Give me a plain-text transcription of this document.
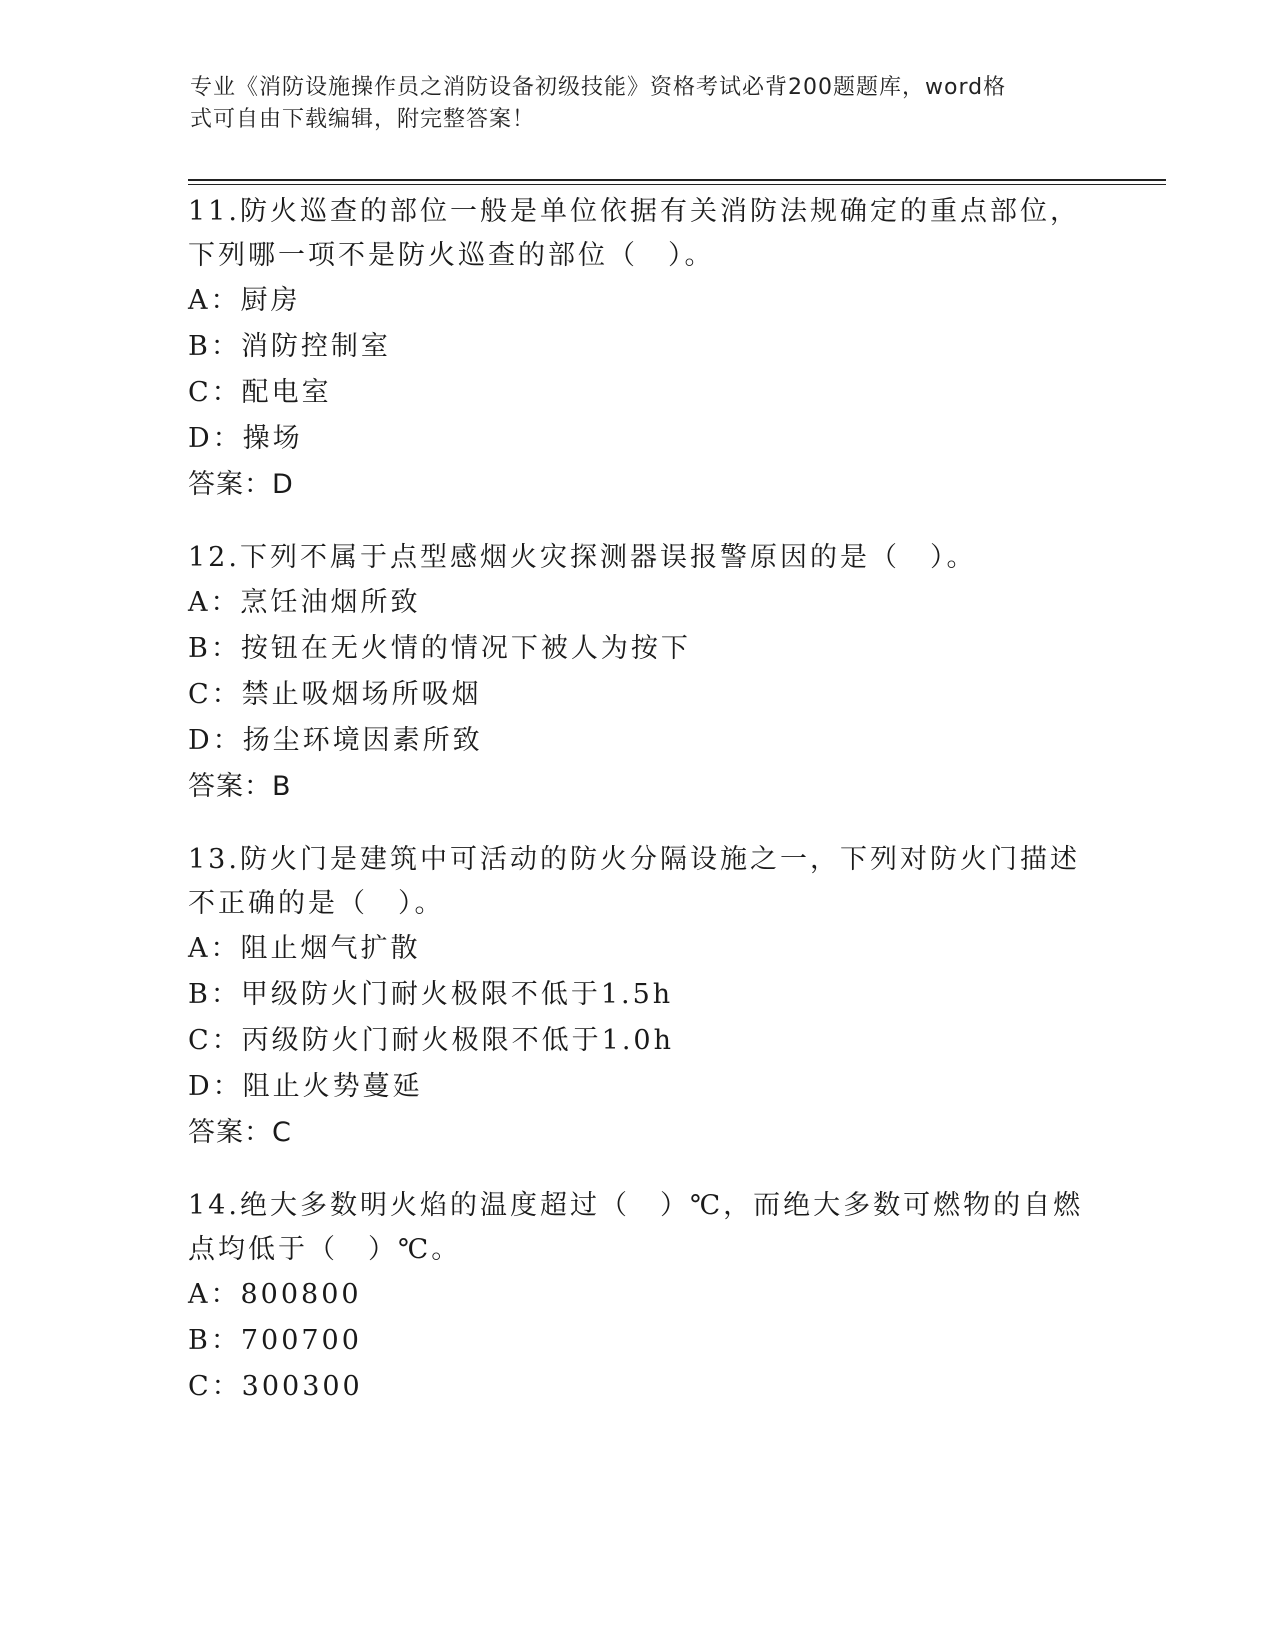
专业《消防设施操作员之消防设备初级技能》资格考试必背200题题库，word格
式可自由下载编辑，附完整答案！

11.防火巡查的部位一般是单位依据有关消防法规确定的重点部位，下列哪一项不是防火巡查的部位（　）。

A：厨房

B：消防控制室

C：配电室

D：操场

答案：D

12.下列不属于点型感烟火灾探测器误报警原因的是（　）。

A：烹饪油烟所致

B：按钮在无火情的情况下被人为按下

C：禁止吸烟场所吸烟

D：扬尘环境因素所致

答案：B

13.防火门是建筑中可活动的防火分隔设施之一，下列对防火门描述不正确的是（　）。

A：阻止烟气扩散

B：甲级防火门耐火极限不低于1.5h

C：丙级防火门耐火极限不低于1.0h

D：阻止火势蔓延

答案：C

14.绝大多数明火焰的温度超过（　）℃，而绝大多数可燃物的自燃点均低于（　）℃。

A：800800

B：700700

C：300300
